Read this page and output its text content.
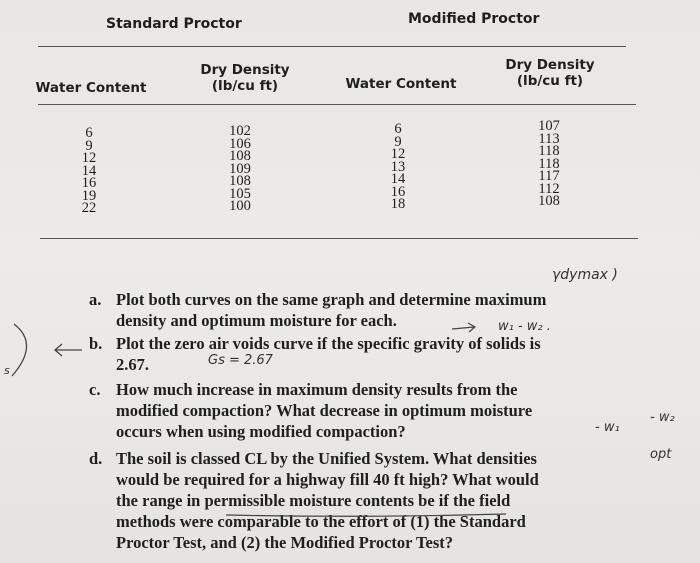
Standard Proctor	Modified Proctor
Water Content
Dry Density
(lb/cu ft)	Water Content
Dry Density
(lb/cu ft)
6
9
12
14
16
19
22
102
106
108
109
108
105
100
6
9
12
13
14
16
18
107
113
118
118
117
112
108
a. Plot both curves on the same graph and determine maximum
density and optimum moisture for each.
b. Plot the zero air voids curve if the specific gravity of solids is
2.67.
c. How much increase in maximum density results from the
modified compaction? What decrease in optimum moisture
occurs when using modified compaction?
d. The soil is classed CL by the Unified System. What densities
would be required for a highway fill 40 ft high? What would
the range in permissible moisture contents be if the field
methods were comparable to the effort of (1) the Standard
Proctor Test, and (2) the Modified Proctor Test?
γdymax )
w₁ - w₂ .
Gs = 2.67
- w₂
- w₁
opt
s
